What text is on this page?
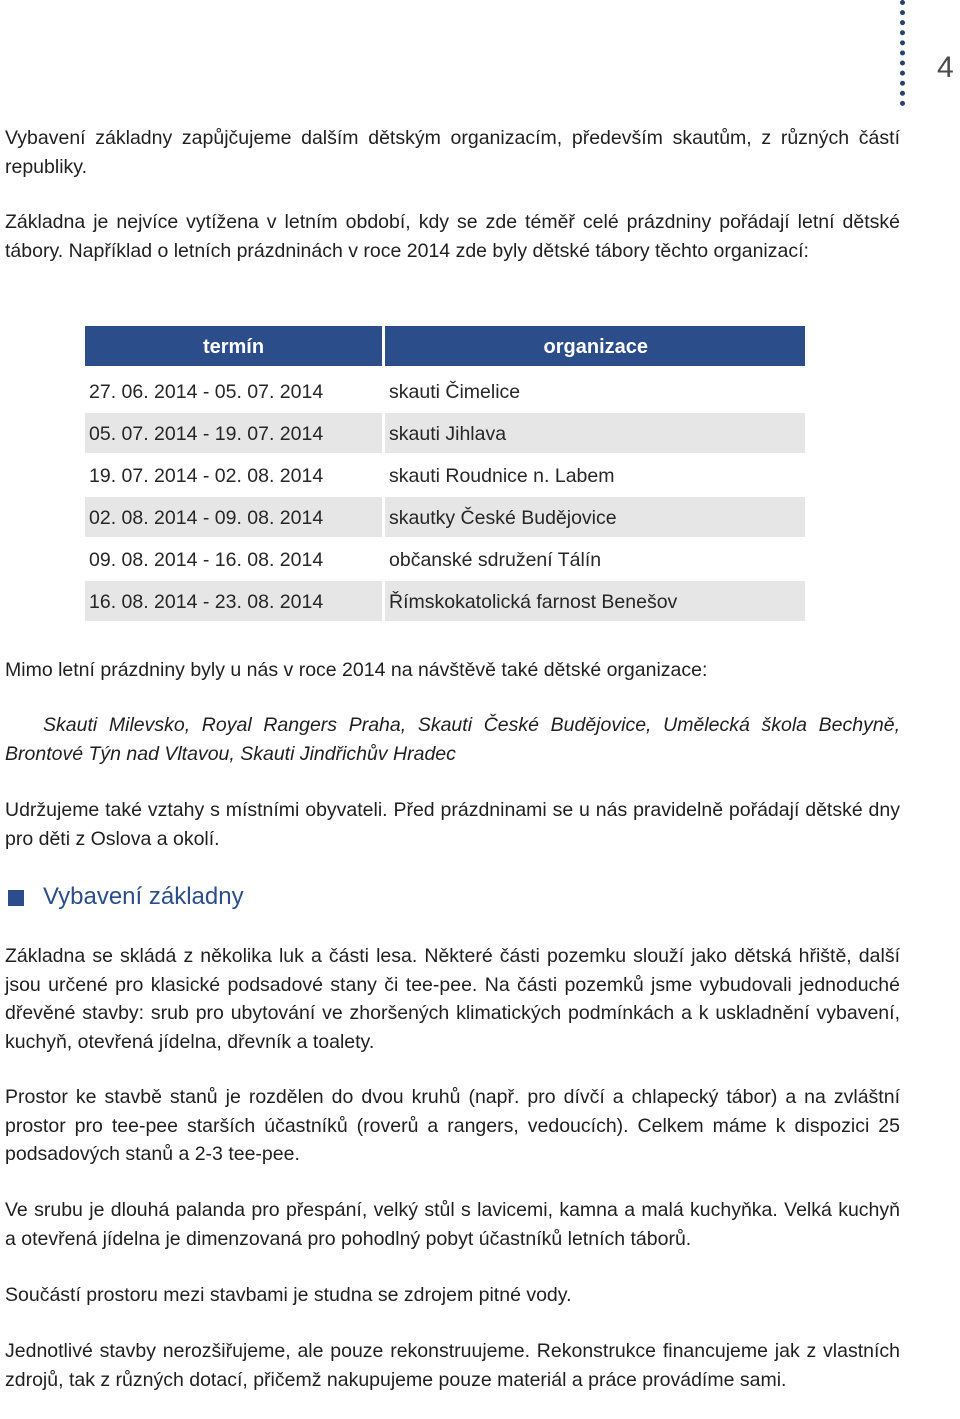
4

Vybavení základny zapůjčujeme dalším dětským organizacím, především skautům, z různých částí republiky.

Základna je nejvíce vytížena v letním období, kdy se zde téměř celé prázdniny pořádají letní dětské tábory. Například o letních prázdninách v roce 2014 zde byly dětské tábory těchto organizací:

termín	organizace
27. 06. 2014 - 05. 07. 2014	skauti Čimelice
05. 07. 2014 - 19. 07. 2014	skauti Jihlava
19. 07. 2014 - 02. 08. 2014	skauti Roudnice n. Labem
02. 08. 2014 - 09. 08. 2014	skautky České Budějovice
09. 08. 2014 - 16. 08. 2014	občanské sdružení Tálín
16. 08. 2014 - 23. 08. 2014	Římskokatolická farnost Benešov

Mimo letní prázdniny byly u nás v roce 2014 na návštěvě také dětské organizace:

Skauti Milevsko, Royal Rangers Praha, Skauti České Budějovice, Umělecká škola Bechyně, Brontové Týn nad Vltavou, Skauti Jindřichův Hradec

Udržujeme také vztahy s místními obyvateli. Před prázdninami se u nás pravidelně pořádají dětské dny pro děti z Oslova a okolí.

Vybavení základny

Základna se skládá z několika luk a části lesa. Některé části pozemku slouží jako dětská hřiště, další jsou určené pro klasické podsadové stany či tee-pee. Na části pozemků jsme vybudovali jednoduché dřevěné stavby: srub pro ubytování ve zhoršených klimatických podmínkách a k uskladnění vybavení, kuchyň, otevřená jídelna, dřevník a toalety.

Prostor ke stavbě stanů je rozdělen do dvou kruhů (např. pro dívčí a chlapecký tábor) a na zvláštní prostor pro tee-pee starších účastníků (roverů a rangers, vedoucích). Celkem máme k dispozici 25 podsadových stanů a 2-3 tee-pee.

Ve srubu je dlouhá palanda pro přespání, velký stůl s lavicemi, kamna a malá kuchyňka. Velká kuchyň a otevřená jídelna je dimenzovaná pro pohodlný pobyt účastníků letních táborů.

Součástí prostoru mezi stavbami je studna se zdrojem pitné vody.

Jednotlivé stavby nerozšiřujeme, ale pouze rekonstruujeme. Rekonstrukce financujeme jak z vlastních zdrojů, tak z různých dotací, přičemž nakupujeme pouze materiál a práce provádíme sami.
